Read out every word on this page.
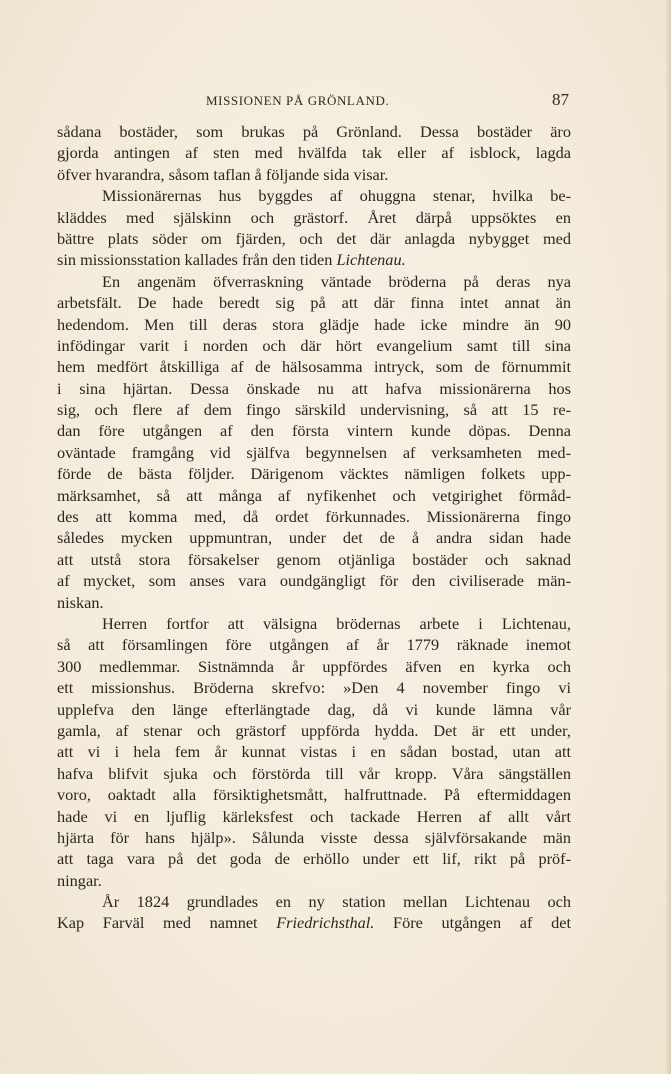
MISSIONEN PÅ GRÖNLAND.	87
sådana bostäder, som brukas på Grönland. Dessa bostäder äro
gjorda antingen af sten med hvälfda tak eller af isblock, lagda
öfver hvarandra, såsom taflan å följande sida visar.
Missionärernas hus byggdes af ohuggna stenar, hvilka be-
kläddes med själskinn och grästorf. Året därpå uppsöktes en
bättre plats söder om fjärden, och det där anlagda nybygget med
sin missionsstation kallades från den tiden Lichtenau.
En angenäm öfverraskning väntade bröderna på deras nya
arbetsfält. De hade beredt sig på att där finna intet annat än
hedendom. Men till deras stora glädje hade icke mindre än 90
infödingar varit i norden och där hört evangelium samt till sina
hem medfört åtskilliga af de hälsosamma intryck, som de förnummit
i sina hjärtan. Dessa önskade nu att hafva missionärerna hos
sig, och flere af dem fingo särskild undervisning, så att 15 re-
dan före utgången af den första vintern kunde döpas. Denna
oväntade framgång vid själfva begynnelsen af verksamheten med-
förde de bästa följder. Därigenom väcktes nämligen folkets upp-
märksamhet, så att många af nyfikenhet och vetgirighet förmåd-
des att komma med, då ordet förkunnades. Missionärerna fingo
således mycken uppmuntran, under det de å andra sidan hade
att utstå stora försakelser genom otjänliga bostäder och saknad
af mycket, som anses vara oundgängligt för den civiliserade män-
niskan.
Herren fortfor att välsigna brödernas arbete i Lichtenau,
så att församlingen före utgången af år 1779 räknade inemot
300 medlemmar. Sistnämnda år uppfördes äfven en kyrka och
ett missionshus. Bröderna skrefvo: »Den 4 november fingo vi
upplefva den länge efterlängtade dag, då vi kunde lämna vår
gamla, af stenar och grästorf uppförda hydda. Det är ett under,
att vi i hela fem år kunnat vistas i en sådan bostad, utan att
hafva blifvit sjuka och förstörda till vår kropp. Våra sängställen
voro, oaktadt alla försiktighetsmått, halfruttnade. På eftermiddagen
hade vi en ljuflig kärleksfest och tackade Herren af allt vårt
hjärta för hans hjälp». Sålunda visste dessa självförsakande män
att taga vara på det goda de erhöllo under ett lif, rikt på pröf-
ningar.
År 1824 grundlades en ny station mellan Lichtenau och
Kap Farväl med namnet Friedrichsthal. Före utgången af det
